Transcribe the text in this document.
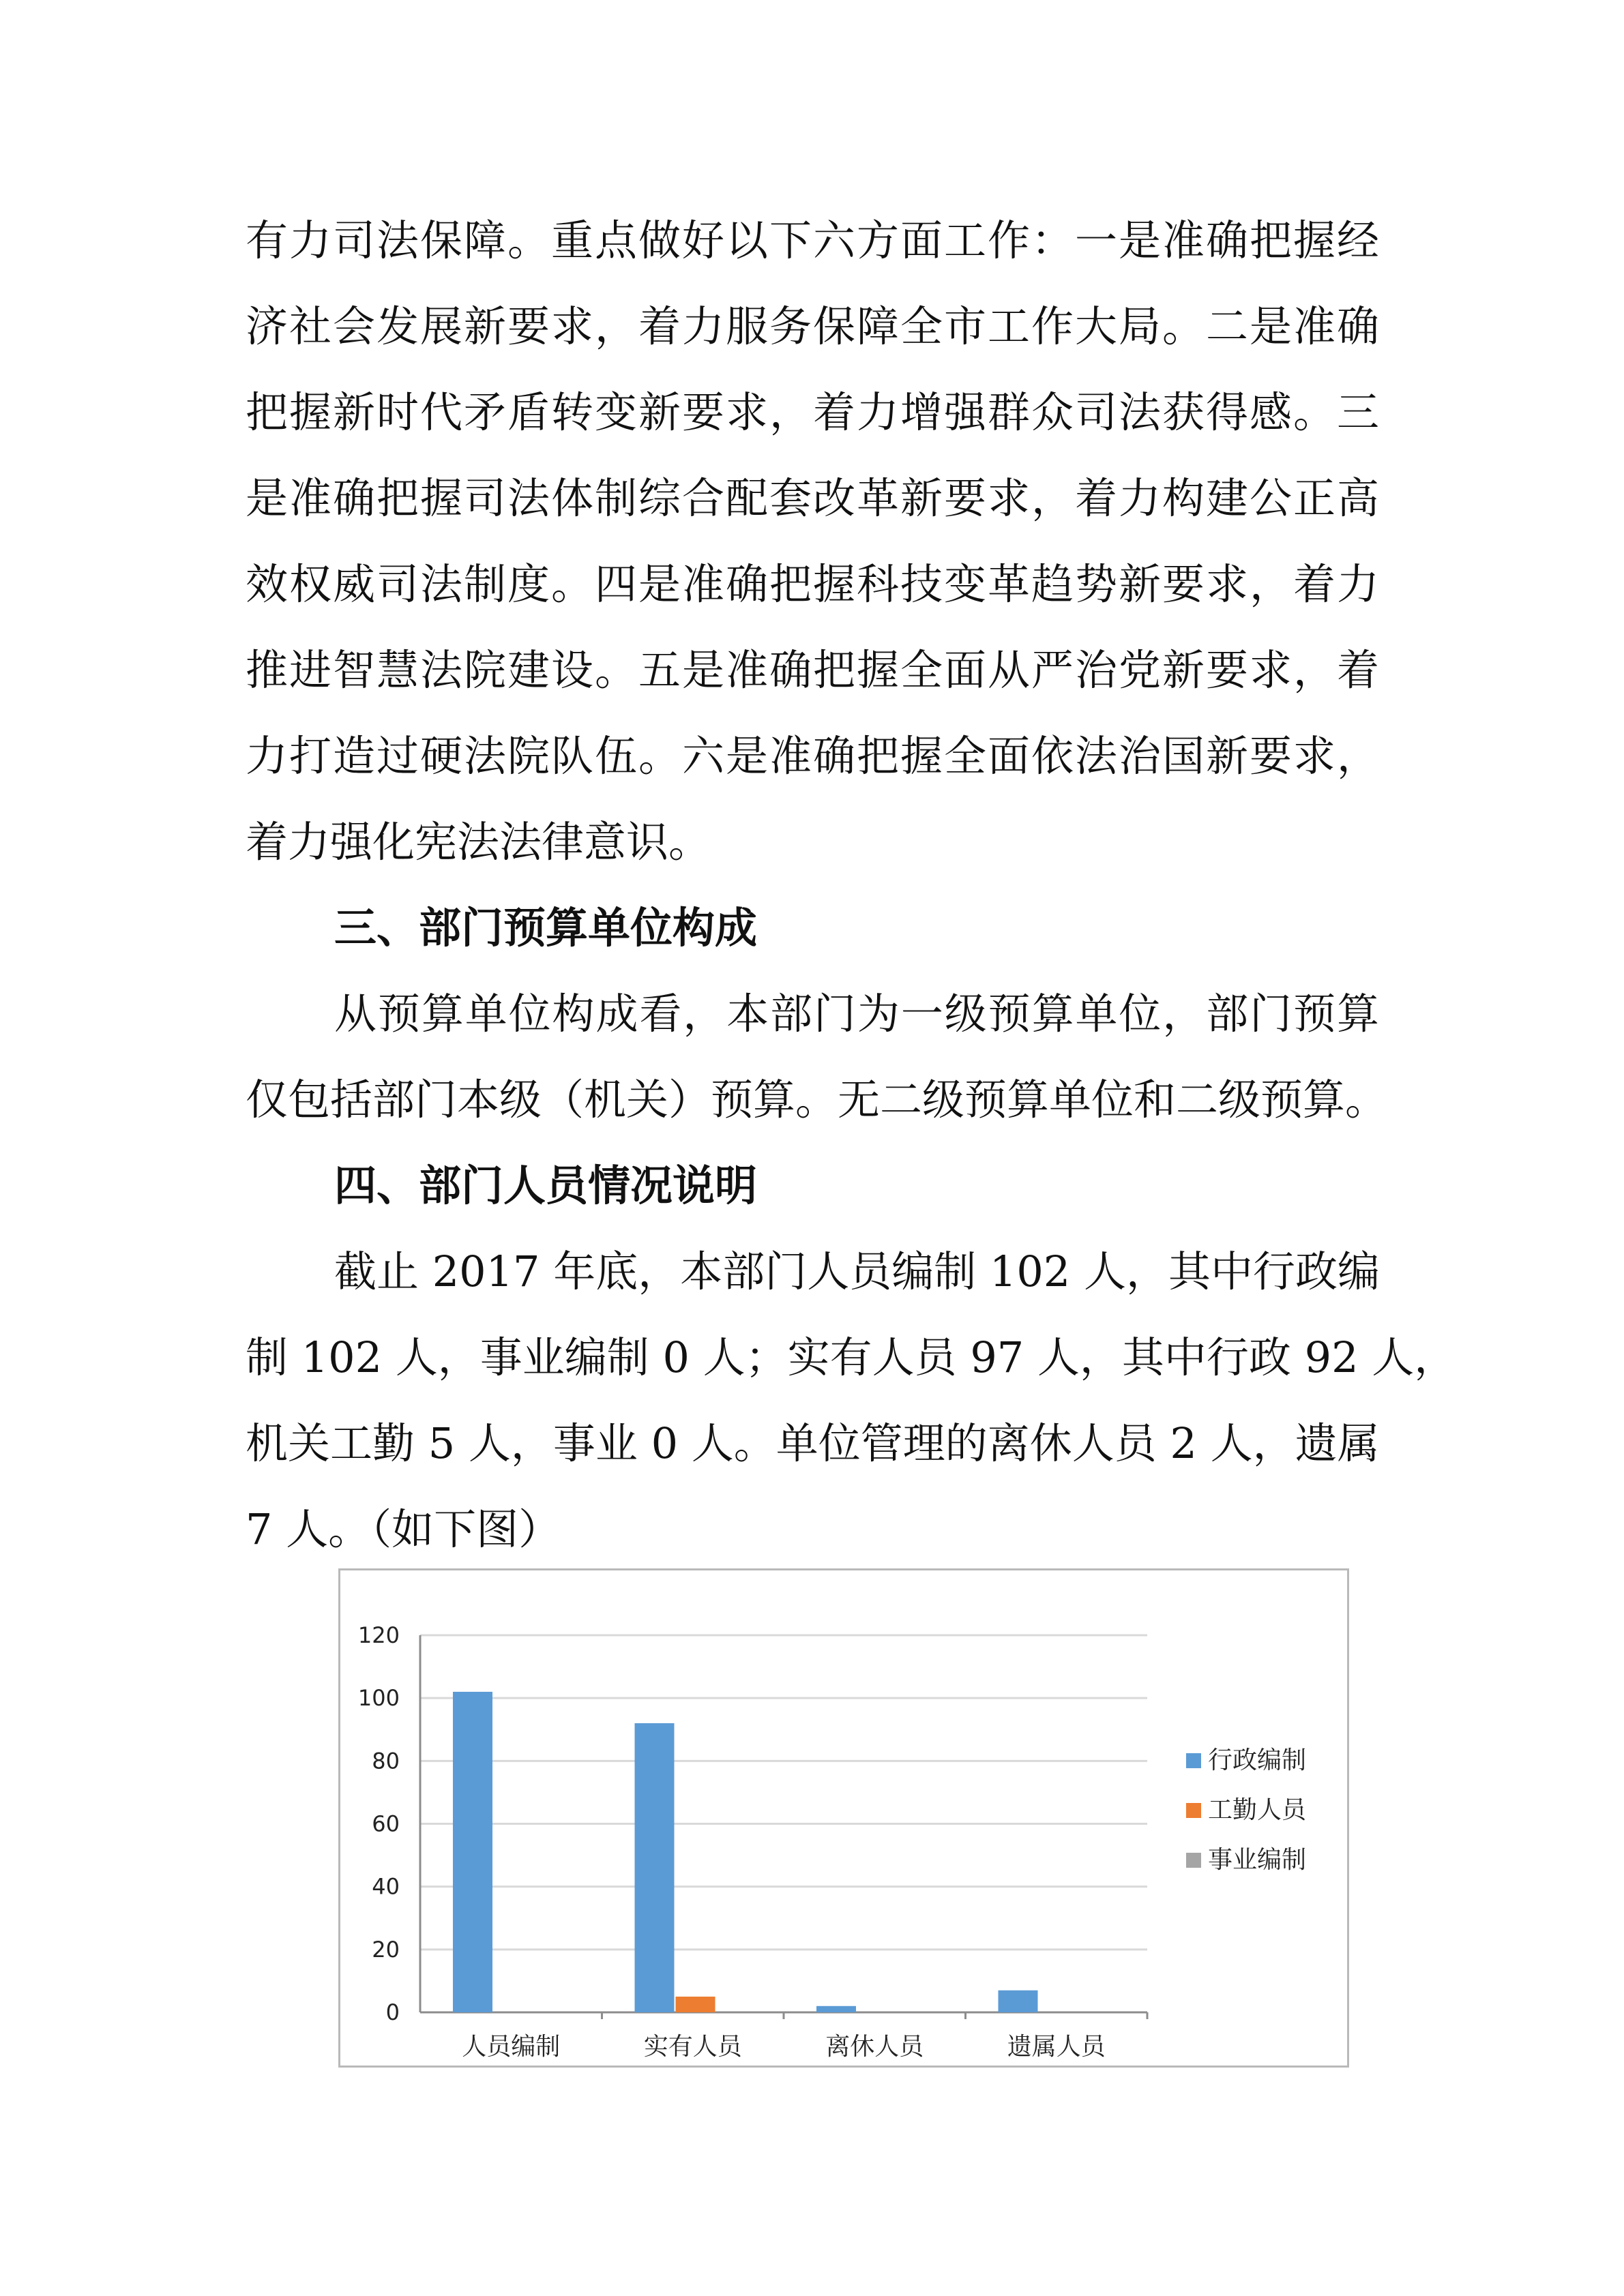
有力司法保障。重点做好以下六方面工作：一是准确把握经
济社会发展新要求，着力服务保障全市工作大局。二是准确
把握新时代矛盾转变新要求，着力增强群众司法获得感。三
是准确把握司法体制综合配套改革新要求，着力构建公正高
效权威司法制度。四是准确把握科技变革趋势新要求，着力
推进智慧法院建设。五是准确把握全面从严治党新要求，着
力打造过硬法院队伍。六是准确把握全面依法治国新要求，
着力强化宪法法律意识。
三、部门预算单位构成
从预算单位构成看，本部门为一级预算单位，部门预算
仅包括部门本级（机关）预算。无二级预算单位和二级预算。
四、部门人员情况说明
截止 2017 年底，本部门人员编制 102 人，其中行政编
制 102 人，事业编制 0 人；实有人员 97 人，其中行政 92 人，
机关工勤 5 人，事业 0 人。单位管理的离休人员 2 人，遗属
7 人。（如下图）
0
20
40
60
80
100
120
人员编制	实有人员	离休人员	遗属人员
行政编制
工勤人员
事业编制
